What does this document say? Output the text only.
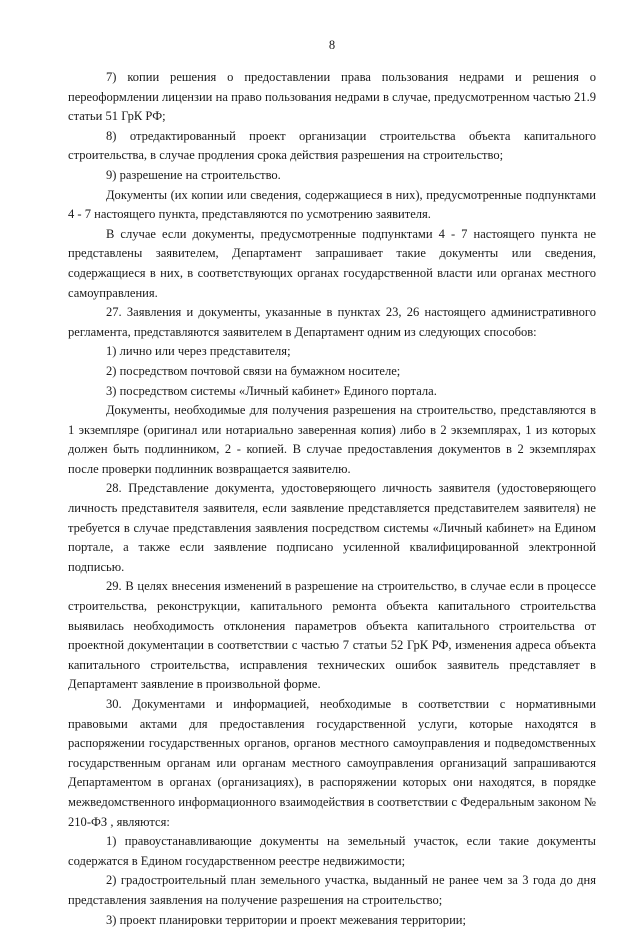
8

7) копии решения о предоставлении права пользования недрами и решения о переоформлении лицензии на право пользования недрами в случае, предусмотренном частью 21.9 статьи 51 ГрК РФ;

8) отредактированный проект организации строительства объекта капитального строительства, в случае продления срока действия разрешения на строительство;

9) разрешение на строительство.

Документы (их копии или сведения, содержащиеся в них), предусмотренные подпунктами 4 - 7 настоящего пункта, представляются по усмотрению заявителя.

В случае если документы, предусмотренные подпунктами 4 - 7 настоящего пункта не представлены заявителем, Департамент запрашивает такие документы или сведения, содержащиеся в них, в соответствующих органах государственной власти или органах местного самоуправления.

27. Заявления и документы, указанные в пунктах 23, 26 настоящего административного регламента, представляются заявителем в Департамент одним из следующих способов:

1) лично или через представителя;

2) посредством почтовой связи на бумажном носителе;

3) посредством системы «Личный кабинет» Единого портала.

Документы, необходимые для получения разрешения на строительство, представляются в 1 экземпляре (оригинал или нотариально заверенная копия) либо в 2 экземплярах, 1 из которых должен быть подлинником, 2 - копией. В случае предоставления документов в 2 экземплярах после проверки подлинник возвращается заявителю.

28. Представление документа, удостоверяющего личность заявителя (удостоверяющего личность представителя заявителя, если заявление представляется представителем заявителя) не требуется в случае представления заявления посредством системы «Личный кабинет» на Едином портале, а также если заявление подписано усиленной квалифицированной электронной подписью.

29. В целях внесения изменений в разрешение на строительство, в случае если в процессе строительства, реконструкции, капитального ремонта объекта капитального строительства выявилась необходимость отклонения параметров объекта капитального строительства от проектной документации в соответствии с частью 7 статьи 52 ГрК РФ, изменения адреса объекта капитального строительства, исправления технических ошибок заявитель представляет в Департамент заявление в произвольной форме.

30. Документами и информацией, необходимые в соответствии с нормативными правовыми актами для предоставления государственной услуги, которые находятся в распоряжении государственных органов, органов местного самоуправления и подведомственных государственным органам или органам местного самоуправления организаций запрашиваются Департаментом в органах (организациях), в распоряжении которых они находятся, в порядке межведомственного информационного взаимодействия в соответствии с Федеральным законом № 210-ФЗ , являются:

1) правоустанавливающие документы на земельный участок, если такие документы содержатся в Едином государственном реестре недвижимости;

2) градостроительный план земельного участка, выданный не ранее чем за 3 года до дня представления заявления на получение разрешения на строительство;

3) проект планировки территории и проект межевания территории;
